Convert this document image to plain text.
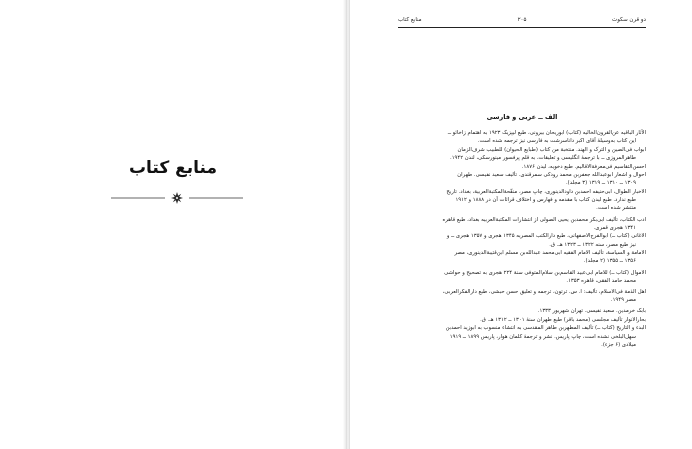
منابع کتاب
دو قرن سکوت
۲۰۵
منابع کتاب
الف ــ عربی و فارسی
الآثار الباقیه عن‌القرون‌الخالیه (کتاب) ابوریحان بیرونی، طبع لیپزیک ۱۹۲۳ به اهتمام زاخائو ــ
این کتاب به‌وسیلهٔ آقای اکبر داناسرشت به فارسی نیز ترجمه شده است.
ابواب فی‌الصین و الترک و الهند. منتخبة من کتاب (طبایع الحیوان) للطبیب شرف‌الزمان
طاهرالمروزی ــ با ترجمهٔ انگلیسی و تعلیقات، به قلم پرفسور مینورسکی، لندن ۱۹۴۲.
احسن‌التقاسیم فی‌معرفة‌الاقالیم. طبع دخویه، لیدن ۱۸۷۶.
احوال و اشعار ابوعبدالله جعفربن محمد رودکی سمرقندی. تألیف سعید نفیسی. طهران
۱۳۰۹ ــ ۱۳۱۰ ــ ۱۳۱۹ (۳ مجلد).
الاخبار الطوال، ابی‌حنیفه احمدبن داودالدینوری، چاپ مصر، منقّحة‌المکتبة‌العربیة، بغداد. تاریخ
طبع ندارد. طبع لیدن کتاب با مقدمه و فهارس و اختلاف قرائات آن در ۱۸۸۸ و ۱۹۱۲
منتشر شده است.
ادب الکتاب، تألیف ابی‌بکر محمدبن یحیی الصولی از انتشارات المکتبة‌العربیه بغداد، طبع قاهره
۱۳۴۱ هجری قمری.
الاغانی (کتاب ــ) ابوالفرج‌الاصفهانی، طبع دارالکتب المصریه ۱۳۴۵ هجری و ۱۳۵۷ هجری ــ و
نیز طبع مصر، سنه ۱۳۲۲ ــ ۱۳۲۳ هـ. ق.
الامامة و السیاسة، تألیف الامام الفقیه ابی‌محمد عبدالله‌بن مسلم ابن‌قتیبة‌الدینوری، مصر
۱۳۵۶ ــ ۱۳۵۵ (۲ مجلد).
الاموال (کتاب ــ) للامام ابی‌عبید القاسم‌بن سلام‌المتوفی سنة ۲۲۴ هجری به تصحیح و حواشی
محمد حامد الفقی، قاهره ۱۳۵۳.
اهل الذمة فی‌الاسلام، تألیف: ا. س. ترتون، ترجمه و تعلیق حسن حبشی، طبع دارالفکرالعربی،
مصر ۱۹۴۹.
بابک خرمدین. سعید نفیسی. تهران شهریور ۱۳۳۳.
بحارالانوار تألیف مجلسی (محمد باقر) طبع طهران سنهٔ ۱۳۰۱ ــ ۱۳۱۲ هـ. ق.
البدء و التاریخ (کتاب ــ) تألیف المطهربن طاهر المقدسی به انتشاء منسوب به ابوزید احمدبن
سهل‌البلخی نشده است، چاپ پاریس. نشر و ترجمهٔ کلمان هوار، پاریس ۱۸۹۹ ــ ۱۹۱۹
میلادی (۶ جزء).
